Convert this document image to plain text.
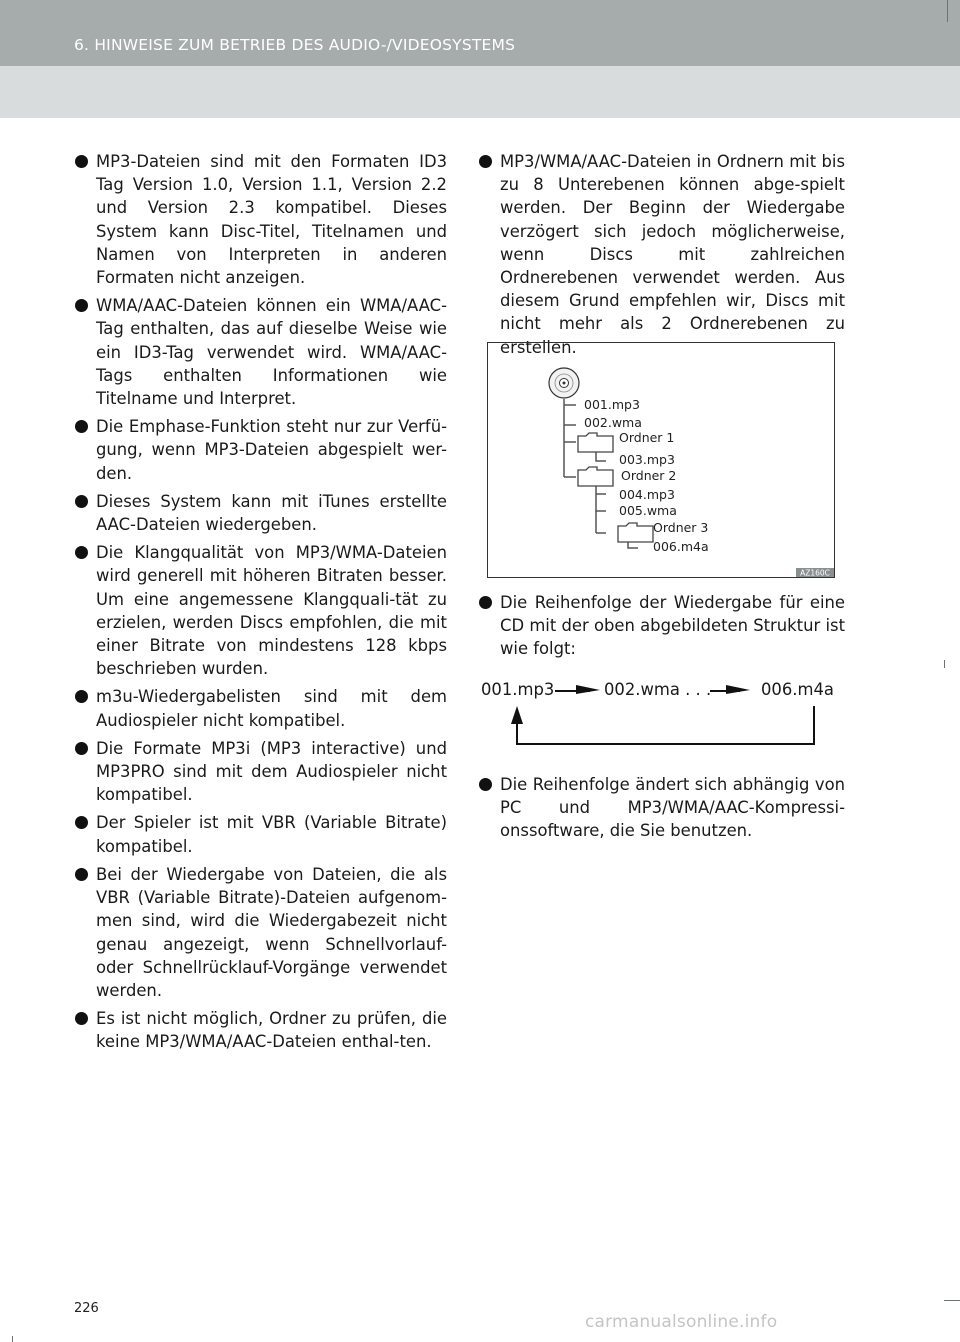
6. HINWEISE ZUM BETRIEB DES AUDIO-/VIDEOSYSTEMS
MP3-Dateien sind mit den Formaten ID3 Tag Version 1.0, Version 1.1, Version 2.2 und Version 2.3 kompatibel. Dieses System kann Disc-Titel, Titelnamen und Namen von Interpreten in anderen Formaten nicht anzeigen.
WMA/AAC-Dateien können ein WMA/AAC-Tag enthalten, das auf dieselbe Weise wie ein ID3-Tag verwendet wird. WMA/AAC-Tags enthalten Informationen wie Titelname und Interpret.
Die Emphase-Funktion steht nur zur Verfü-gung, wenn MP3-Dateien abgespielt wer-den.
Dieses System kann mit iTunes erstellte AAC-Dateien wiedergeben.
Die Klangqualität von MP3/WMA-Dateien wird generell mit höheren Bitraten besser. Um eine angemessene Klangquali-tät zu erzielen, werden Discs empfohlen, die mit einer Bitrate von mindestens 128 kbps beschrieben wurden.
m3u-Wiedergabelisten sind mit dem Audiospieler nicht kompatibel.
Die Formate MP3i (MP3 interactive) und MP3PRO sind mit dem Audiospieler nicht kompatibel.
Der Spieler ist mit VBR (Variable Bitrate) kompatibel.
Bei der Wiedergabe von Dateien, die als VBR (Variable Bitrate)-Dateien aufgenom-men sind, wird die Wiedergabezeit nicht genau angezeigt, wenn Schnellvorlauf- oder Schnellrücklauf-Vorgänge verwendet werden.
Es ist nicht möglich, Ordner zu prüfen, die keine MP3/WMA/AAC-Dateien enthal-ten.
MP3/WMA/AAC-Dateien in Ordnern mit bis zu 8 Unterebenen können abge-spielt werden. Der Beginn der Wiedergabe verzögert sich jedoch möglicherweise, wenn Discs mit zahlreichen Ordnerebenen verwendet werden. Aus diesem Grund empfehlen wir, Discs mit nicht mehr als 2 Ordnerebenen zu erstellen.
001.mp3
002.wma
Ordner 1
003.mp3
Ordner 2
004.mp3
005.wma
Ordner 3
006.m4a
AZ160C
Die Reihenfolge der Wiedergabe für eine CD mit der oben abgebildeten Struktur ist wie folgt:
001.mp3	002.wma . . .	006.m4a
Die Reihenfolge ändert sich abhängig von PC und MP3/WMA/AAC-Kompressi-onssoftware, die Sie benutzen.
226
carmanualsonline.info
